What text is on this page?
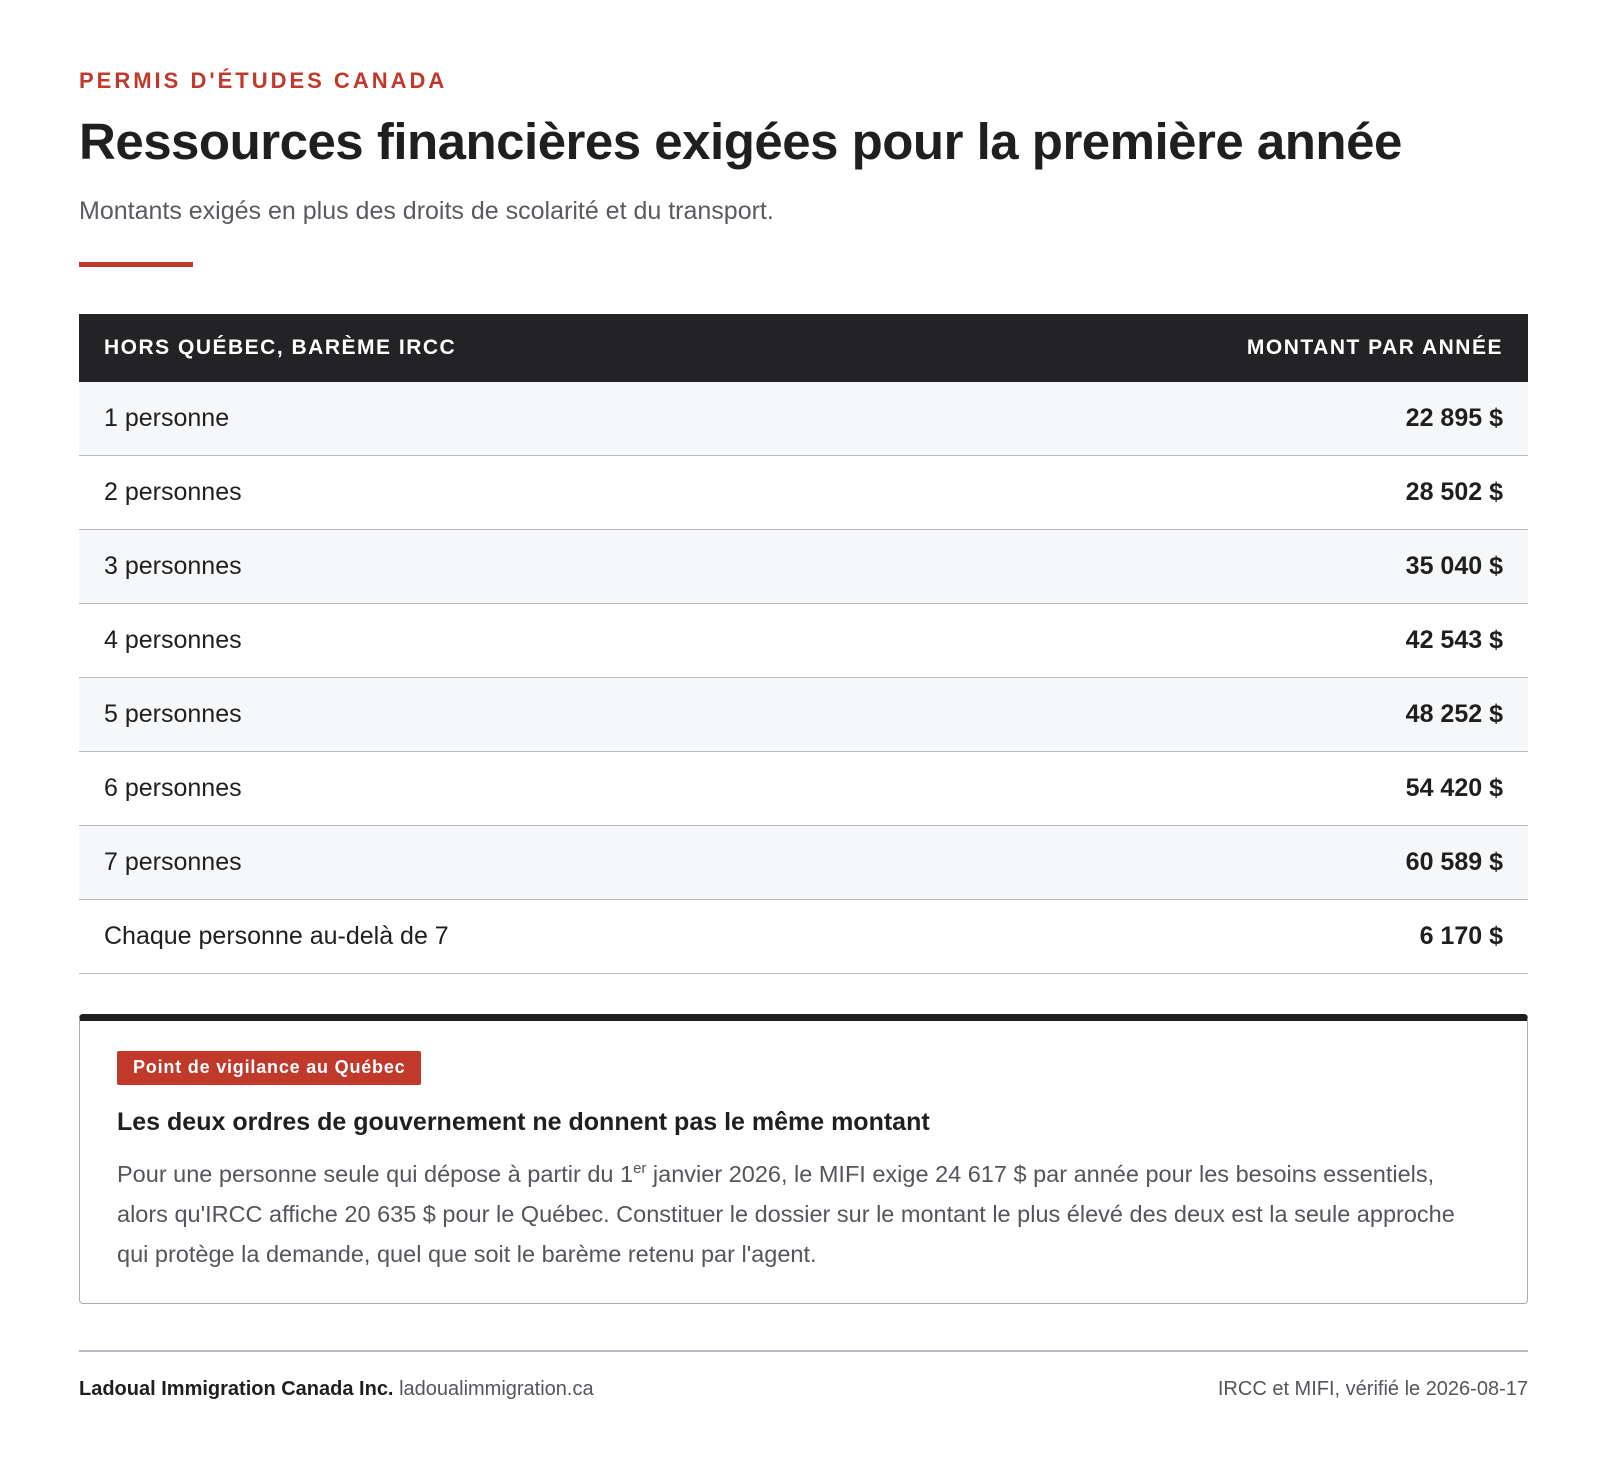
PERMIS D'ÉTUDES CANADA
Ressources financières exigées pour la première année
Montants exigés en plus des droits de scolarité et du transport.
HORS QUÉBEC, BARÈME IRCC	MONTANT PAR ANNÉE
1 personne	22 895 $
2 personnes	28 502 $
3 personnes	35 040 $
4 personnes	42 543 $
5 personnes	48 252 $
6 personnes	54 420 $
7 personnes	60 589 $
Chaque personne au-delà de 7	6 170 $
Point de vigilance au Québec
Les deux ordres de gouvernement ne donnent pas le même montant

Pour une personne seule qui dépose à partir du 1er janvier 2026, le MIFI exige 24 617 $ par année pour les besoins essentiels, alors qu'IRCC affiche 20 635 $ pour le Québec. Constituer le dossier sur le montant le plus élevé des deux est la seule approche qui protège la demande, quel que soit le barème retenu par l'agent.

Ladoual Immigration Canada Inc. ladoualimmigration.ca	IRCC et MIFI, vérifié le 2026-08-17
